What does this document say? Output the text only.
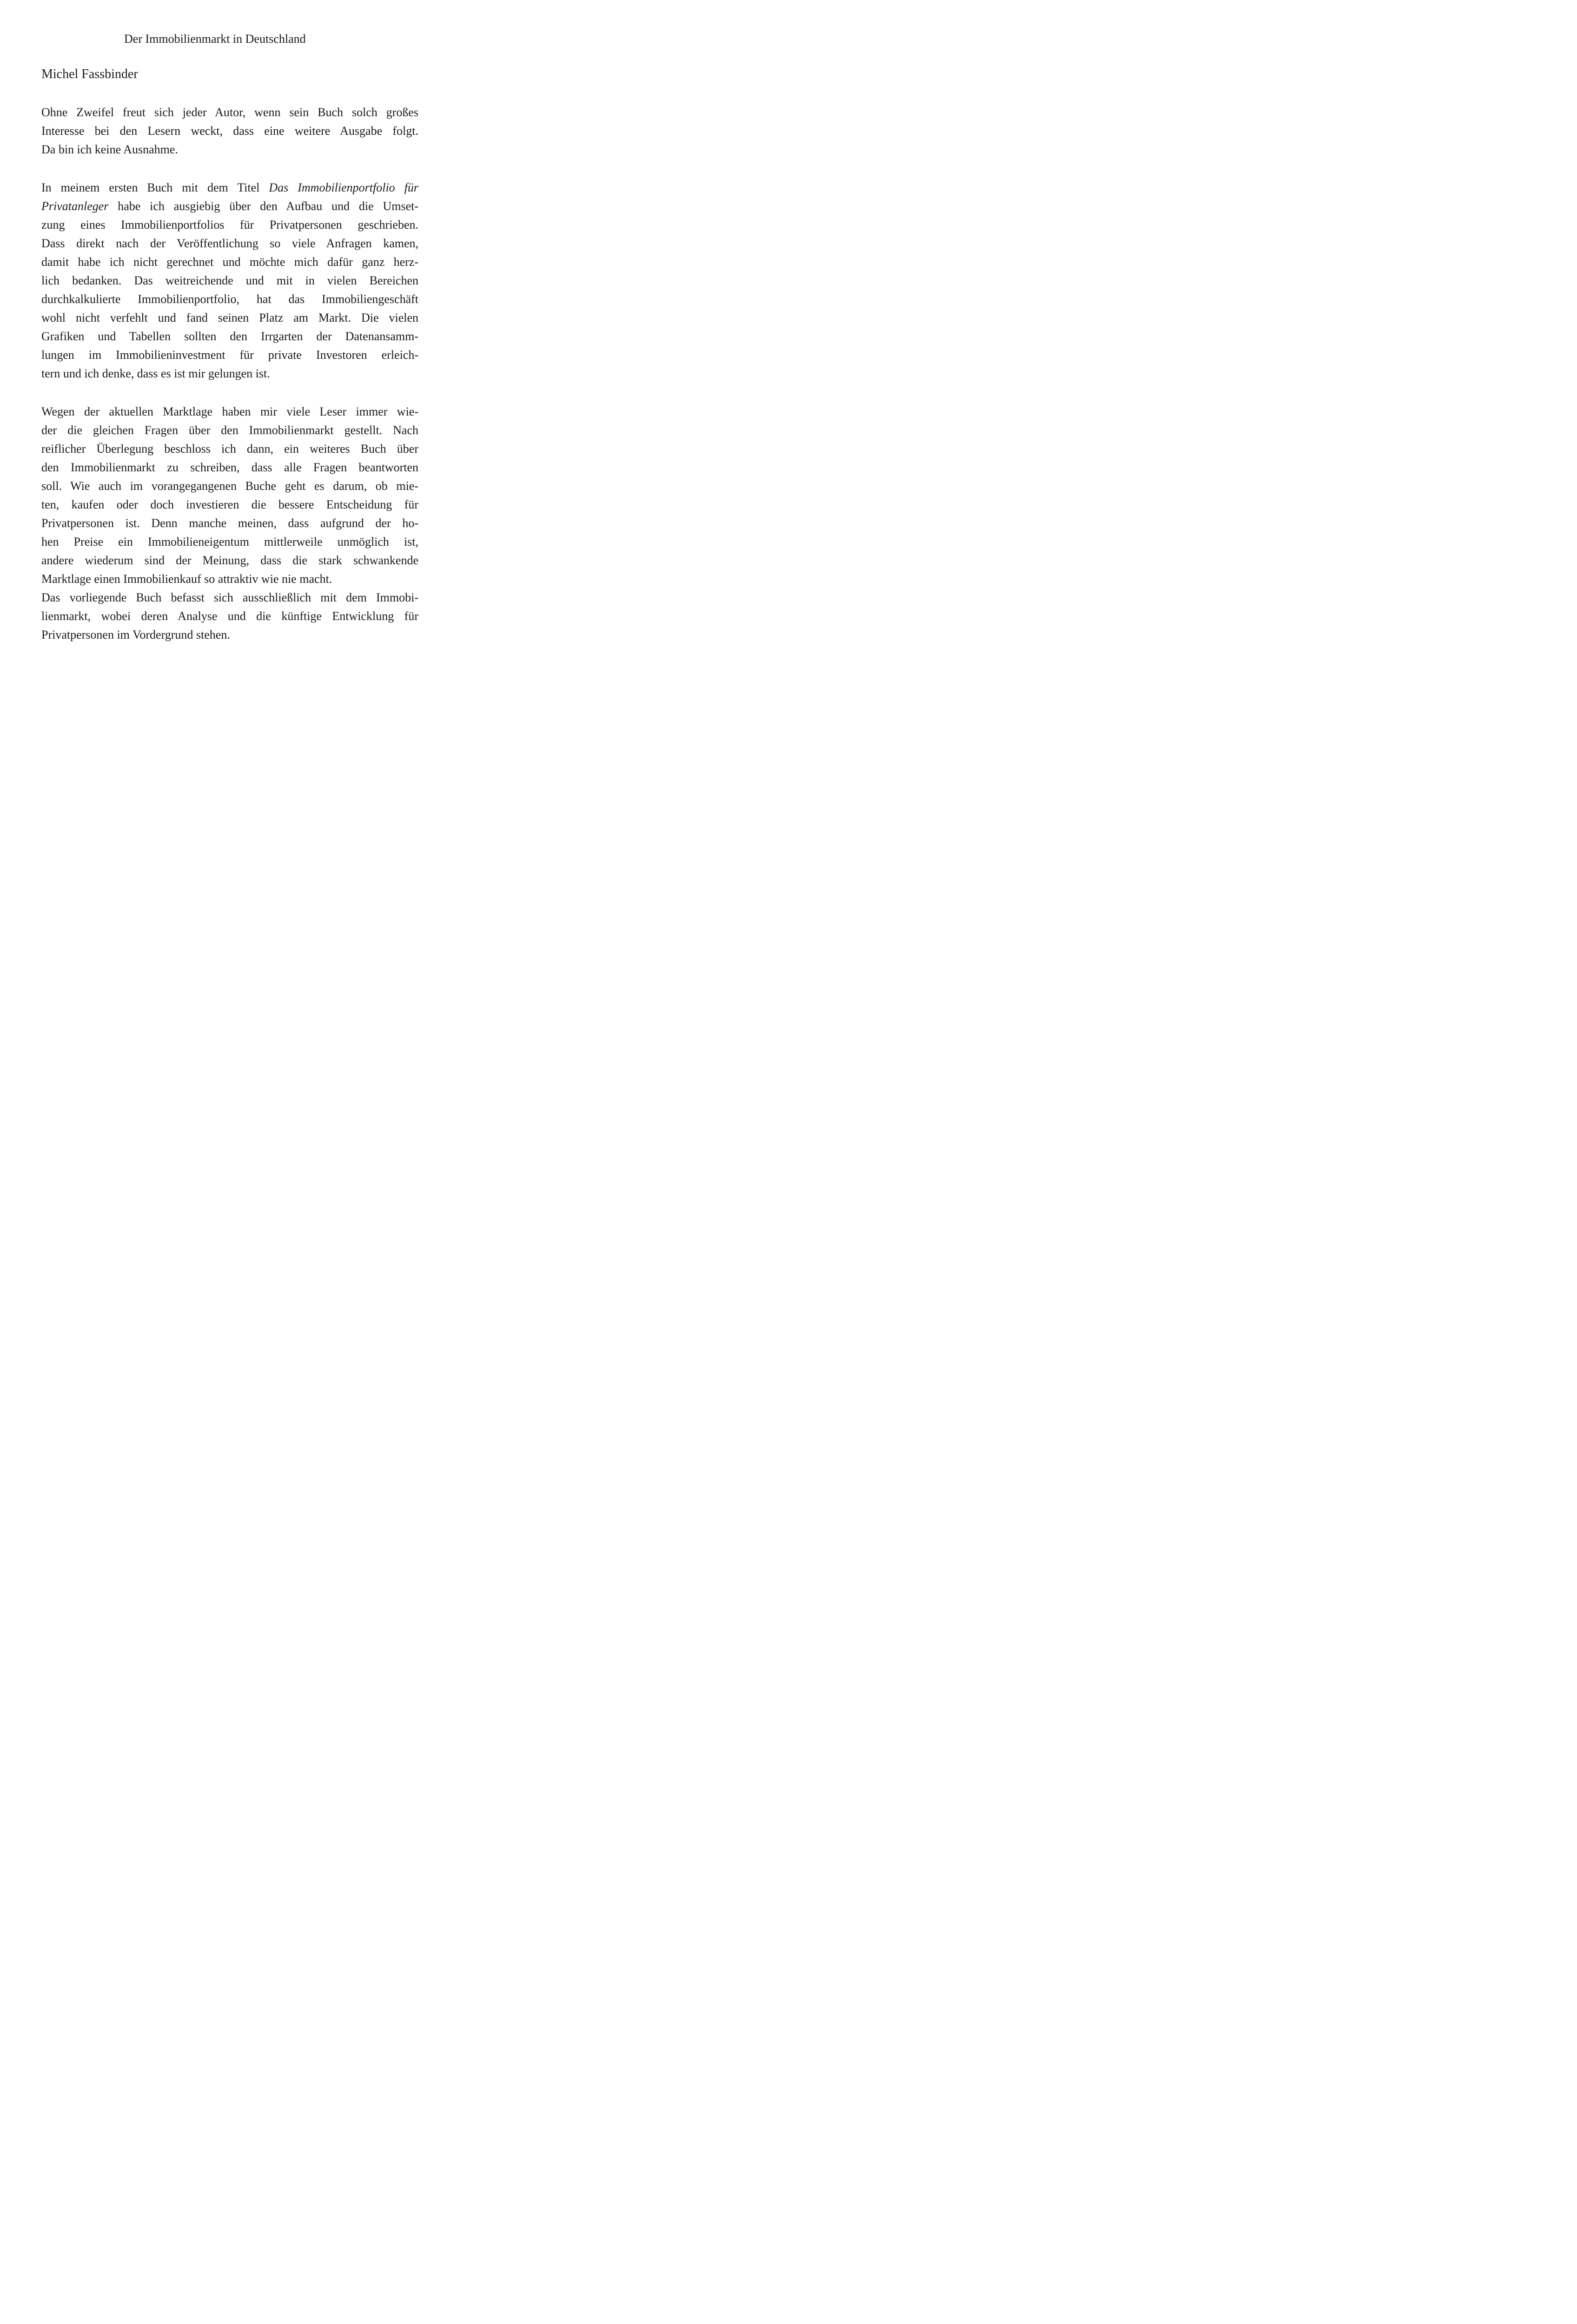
Der Immobilienmarkt in Deutschland
Michel Fassbinder
Ohne Zweifel freut sich jeder Autor, wenn sein Buch solch großes
Interesse bei den Lesern weckt, dass eine weitere Ausgabe folgt.
Da bin ich keine Ausnahme.
In meinem ersten Buch mit dem Titel Das Immobilienportfolio für
Privatanleger habe ich ausgiebig über den Aufbau und die Umset-
zung eines Immobilienportfolios für Privatpersonen geschrieben.
Dass direkt nach der Veröffentlichung so viele Anfragen kamen,
damit habe ich nicht gerechnet und möchte mich dafür ganz herz-
lich bedanken. Das weitreichende und mit in vielen Bereichen
durchkalkulierte Immobilienportfolio, hat das Immobiliengeschäft
wohl nicht verfehlt und fand seinen Platz am Markt. Die vielen
Grafiken und Tabellen sollten den Irrgarten der Datenansamm-
lungen im Immobilieninvestment für private Investoren erleich-
tern und ich denke, dass es ist mir gelungen ist.
Wegen der aktuellen Marktlage haben mir viele Leser immer wie-
der die gleichen Fragen über den Immobilienmarkt gestellt. Nach
reiflicher Überlegung beschloss ich dann, ein weiteres Buch über
den Immobilienmarkt zu schreiben, dass alle Fragen beantworten
soll. Wie auch im vorangegangenen Buche geht es darum, ob mie-
ten, kaufen oder doch investieren die bessere Entscheidung für
Privatpersonen ist. Denn manche meinen, dass aufgrund der ho-
hen Preise ein Immobilieneigentum mittlerweile unmöglich ist,
andere wiederum sind der Meinung, dass die stark schwankende
Marktlage einen Immobilienkauf so attraktiv wie nie macht.
Das vorliegende Buch befasst sich ausschließlich mit dem Immobi-
lienmarkt, wobei deren Analyse und die künftige Entwicklung für
Privatpersonen im Vordergrund stehen.
